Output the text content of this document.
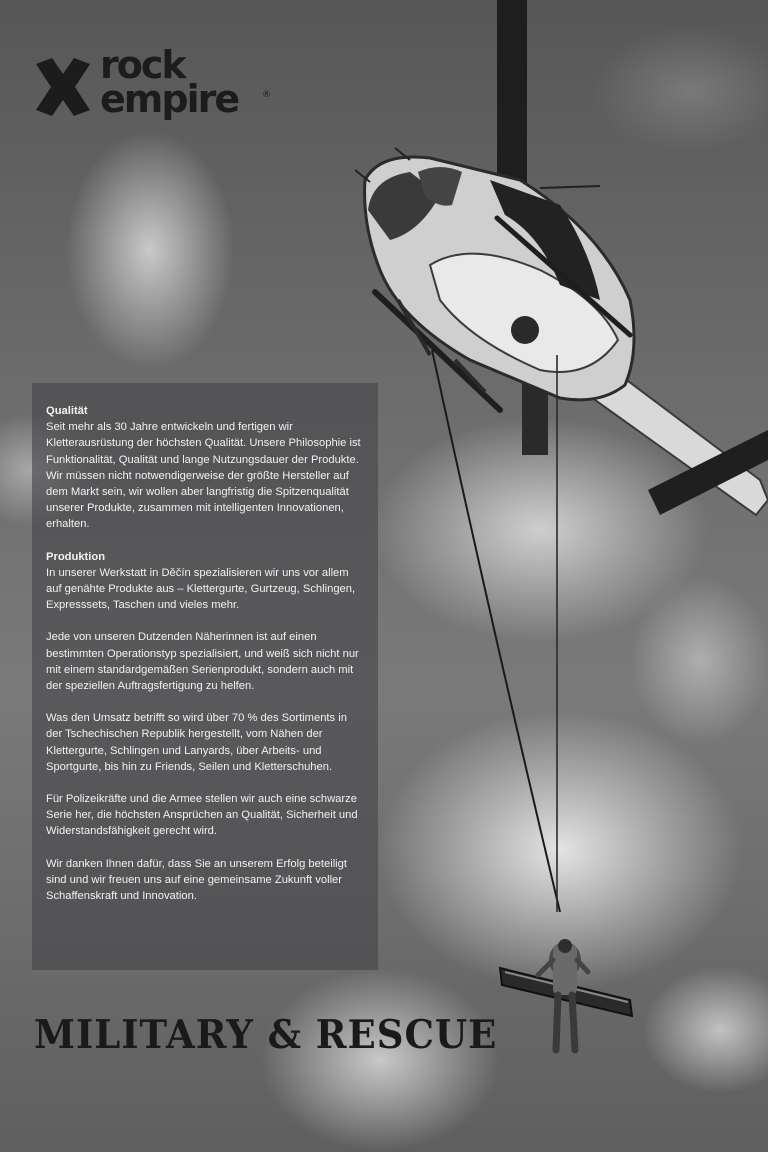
rock
empire	®
Qualität

Seit mehr als 30 Jahre entwickeln und fertigen wir Kletterausrüstung der höchsten Qualität. Unsere Philosophie ist Funktionalität, Qualität und lange Nutzungsdauer der Produkte. Wir müssen nicht notwendigerweise der größte Hersteller auf dem Markt sein, wir wollen aber langfristig die Spitzenqualität unserer Produkte, zusammen mit intelligenten Innovationen, erhalten.

Produktion

In unserer Werkstatt in Děčín spezialisieren wir uns vor allem auf genähte Produkte aus – Klettergurte, Gurtzeug, Schlingen, Expresssets, Taschen und vieles mehr.

Jede von unseren Dutzenden Näherinnen ist auf einen bestimmten Operationstyp spezialisiert, und weiß sich nicht nur mit einem standardgemäßen Serienprodukt, sondern auch mit der speziellen Auftragsfertigung zu helfen.

Was den Umsatz betrifft so wird über 70 % des Sortiments in der Tschechischen Republik hergestellt, vom Nähen der Klettergurte, Schlingen und Lanyards, über Arbeits- und Sportgurte, bis hin zu Friends, Seilen und Kletterschuhen.

Für Polizeikräfte und die Armee stellen wir auch eine schwarze Serie her, die höchsten Ansprüchen an Qualität, Sicherheit und Widerstandsfähigkeit gerecht wird.

Wir danken Ihnen dafür, dass Sie an unserem Erfolg beteiligt sind und wir freuen uns auf eine gemeinsame Zukunft voller Schaffenskraft und Innovation.

MILITARY & RESCUE
